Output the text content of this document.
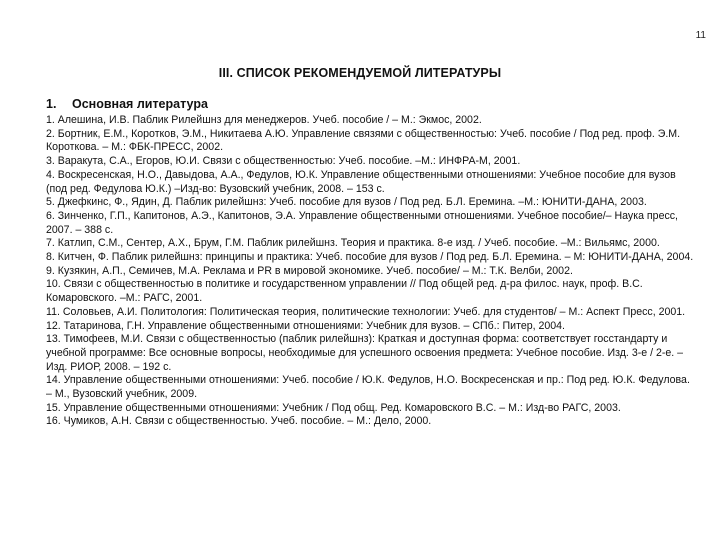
11
III. СПИСОК РЕКОМЕНДУЕМОЙ ЛИТЕРАТУРЫ
1. Основная литература

1. Алешина, И.В. Паблик Рилейшнз для менеджеров. Учеб. пособие / – М.: Экмос, 2002.

2. Бортник, Е.М., Коротков, Э.М., Никитаева А.Ю. Управление связями с общественностью: Учеб. пособие / Под ред. проф. Э.М. Короткова. – М.: ФБК-ПРЕСС, 2002.

3. Варакута, С.А., Егоров, Ю.И. Связи с общественностью: Учеб. пособие. –М.: ИНФРА-М, 2001.

4. Воскресенская, Н.О., Давыдова, А.А., Федулов, Ю.К. Управление общественными отношениями: Учебное пособие для вузов (под ред. Федулова Ю.К.) –Изд-во: Вузовский учебник, 2008. – 153 с.

5. Джефкинс, Ф., Ядин, Д. Паблик рилейшнз: Учеб. пособие для вузов / Под ред. Б.Л. Еремина. –М.: ЮНИТИ-ДАНА, 2003.

6. Зинченко, Г.П., Капитонов, А.Э., Капитонов, Э.А. Управление общественными отношениями. Учебное пособие/– Наука пресс, 2007. – 388 с.

7. Катлип, С.М., Сентер, А.Х., Брум, Г.М. Паблик рилейшнз. Теория и практика. 8-е изд. / Учеб. пособие. –М.: Вильямс, 2000.

8. Китчен, Ф. Паблик рилейшнз: принципы и практика: Учеб. пособие для вузов / Под ред. Б.Л. Еремина. – М: ЮНИТИ-ДАНА, 2004.

9. Кузякин, А.П., Семичев, М.А. Реклама и PR в мировой экономике. Учеб. пособие/ – М.: Т.К. Велби, 2002.

10. Связи с общественностью в политике и государственном управлении // Под общей ред. д-ра филос. наук, проф. В.С. Комаровского. –М.: РАГС, 2001.

11. Соловьев, А.И. Политология: Политическая теория, политические технологии: Учеб. для студентов/ – М.: Аспект Пресс, 2001.

12. Татаринова, Г.Н. Управление общественными отношениями: Учебник для вузов. – СПб.: Питер, 2004.

13. Тимофеев, М.И. Связи с общественностью (паблик рилейшнз): Краткая и доступная форма: соответствует госстандарту и учебной программе: Все основные вопросы, необходимые для успешного освоения предмета: Учебное пособие. Изд. 3-е / 2-е. –Изд. РИОР, 2008. – 192 с.

14. Управление общественными отношениями: Учеб. пособие / Ю.К. Федулов, Н.О. Воскресенская и пр.: Под ред. Ю.К. Федулова. – М., Вузовский учебник, 2009.

15. Управление общественными отношениями: Учебник / Под общ. Ред. Комаровского В.С. – М.: Изд-во РАГС, 2003.

16. Чумиков, А.Н. Связи с общественностью. Учеб. пособие. – М.: Дело, 2000.
